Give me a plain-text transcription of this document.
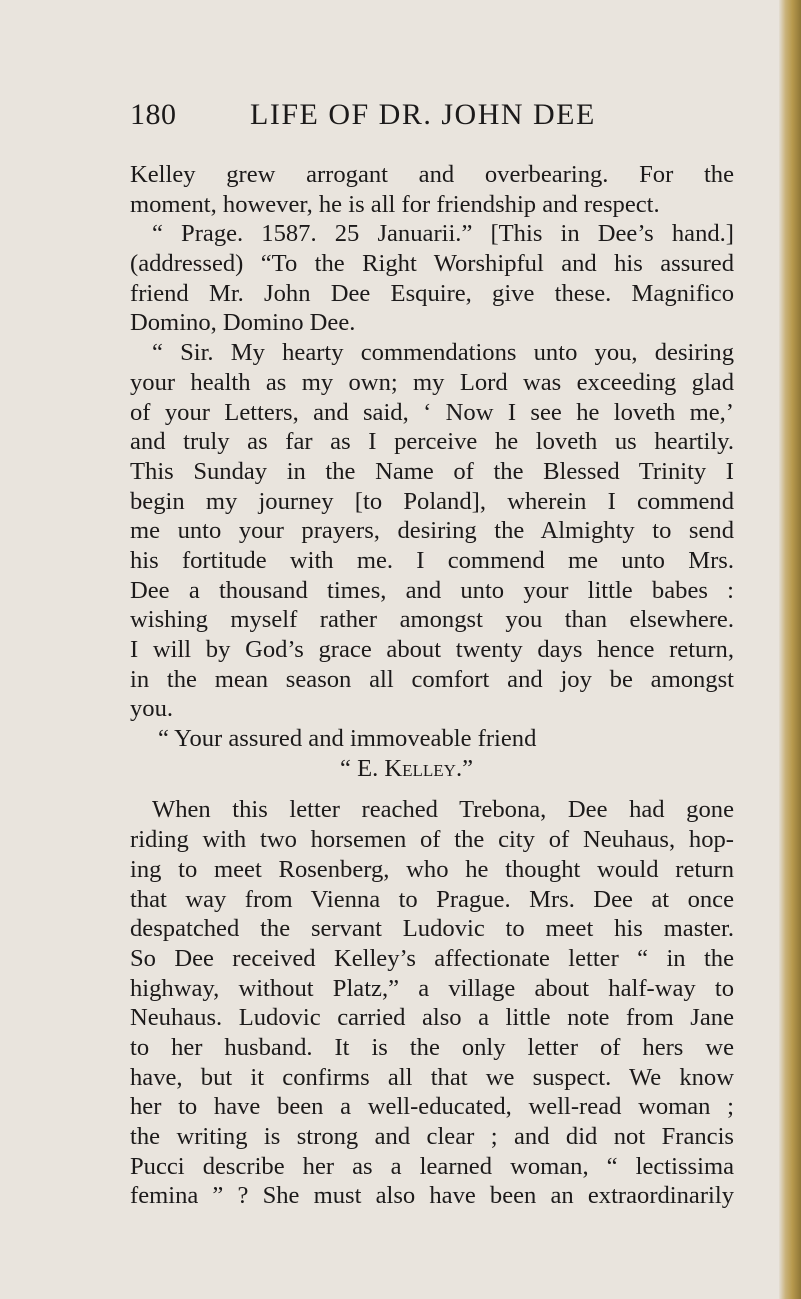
180 LIFE OF DR. JOHN DEE
Kelley grew arrogant and overbearing. For the
moment, however, he is all for friendship and respect.
“ Prage. 1587. 25 Januarii.” [This in Dee’s hand.]
(addressed) “To the Right Worshipful and his assured
friend Mr. John Dee Esquire, give these. Magnifico
Domino, Domino Dee.
“ Sir. My hearty commendations unto you, desiring
your health as my own; my Lord was exceeding glad
of your Letters, and said, ‘ Now I see he loveth me,’
and truly as far as I perceive he loveth us heartily.
This Sunday in the Name of the Blessed Trinity I
begin my journey [to Poland], wherein I commend
me unto your prayers, desiring the Almighty to send
his fortitude with me. I commend me unto Mrs.
Dee a thousand times, and unto your little babes :
wishing myself rather amongst you than elsewhere.
I will by God’s grace about twenty days hence return,
in the mean season all comfort and joy be amongst
you.
“ Your assured and immoveable friend
“ E. Kelley.”
When this letter reached Trebona, Dee had gone
riding with two horsemen of the city of Neuhaus, hop-
ing to meet Rosenberg, who he thought would return
that way from Vienna to Prague. Mrs. Dee at once
despatched the servant Ludovic to meet his master.
So Dee received Kelley’s affectionate letter “ in the
highway, without Platz,” a village about half-way to
Neuhaus. Ludovic carried also a little note from Jane
to her husband. It is the only letter of hers we
have, but it confirms all that we suspect. We know
her to have been a well-educated, well-read woman ;
the writing is strong and clear ; and did not Francis
Pucci describe her as a learned woman, “ lectissima
femina ” ? She must also have been an extraordinarily
